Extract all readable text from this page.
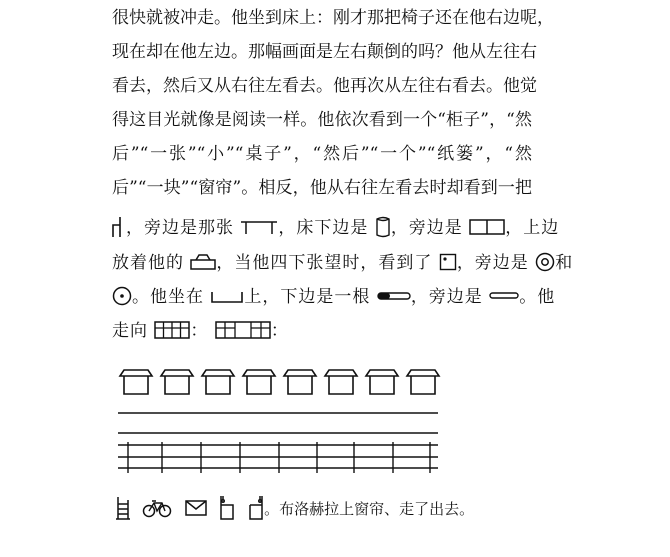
很快就被冲走。他坐到床上：刚才那把椅子还在他右边呢，
现在却在他左边。那幅画面是左右颠倒的吗？他从左往右
看去，然后又从右往左看去。他再次从左往右看去。他觉
得这目光就像是阅读一样。他依次看到一个“柜子”，“然
后”“一张”“小”“桌子”，“然后”“一个”“纸篓”，“然
后”“一块”“窗帘”。相反，他从右往左看去时却看到一把
，旁边是那张	，床下边是 ，旁边是 ，上边
放着他的 ，当他四下张望时，看到了 ，旁边是 和
。他坐在 上，下边是一根 ，旁边是 。他
走向 ：	：

。布洛赫拉上窗帘、走了出去。
